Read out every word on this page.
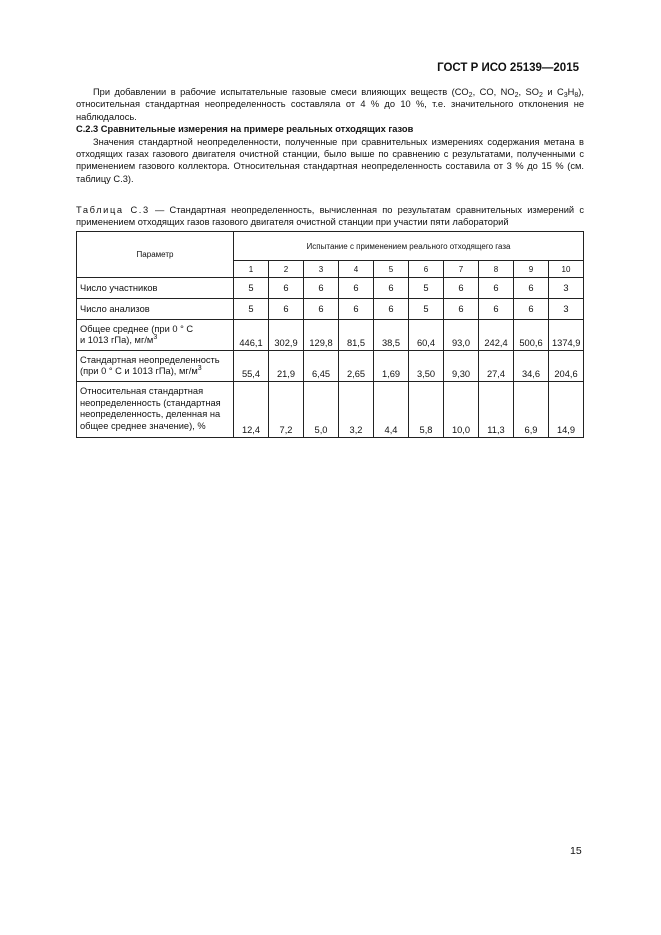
ГОСТ Р ИСО 25139—2015

При добавлении в рабочие испытательные газовые смеси влияющих веществ ($CO_2$, CO, $NO_2$, $SO_2$ и $C_3H_8$), относительная стандартная неопределенность составляла от 4 % до 10 %, т.е. значительного отклонения не наблюдалось.

C.2.3 Сравнительные измерения на примере реальных отходящих газов

Значения стандартной неопределенности, полученные при сравнительных измерениях содержания метана в отходящих газах газового двигателя очистной станции, было выше по сравнению с результатами, полученными с применением газового коллектора. Относительная стандартная неопределенность составила от 3 % до 15 % (см. таблицу C.3).

Таблица C.3 — Стандартная неопределенность, вычисленная по результатам сравнительных измерений с применением отходящих газов газового двигателя очистной станции при участии пяти лабораторий

Параметр	Испытание с применением реального отходящего газа									
	1	2	3	4	5	6	7	8	9	10
Число участников	5	6	6	6	6	5	6	6	6	3
Число анализов	5	6	6	6	6	5	6	6	6	3
Общее среднее (при 0 ° С
и 1013 гПа), $мг/м^3$	446,1	302,9	129,8	81,5	38,5	60,4	93,0	242,4	500,6	1374,9
Стандартная неопределенность
(при 0 ° С и 1013 гПа), $мг/м^3$	55,4	21,9	6,45	2,65	1,69	3,50	9,30	27,4	34,6	204,6
Относительная стандартная неопределенность (стандартная неопределенность, деленная на общее среднее значение), %	12,4	7,2	5,0	3,2	4,4	5,8	10,0	11,3	6,9	14,9
15
